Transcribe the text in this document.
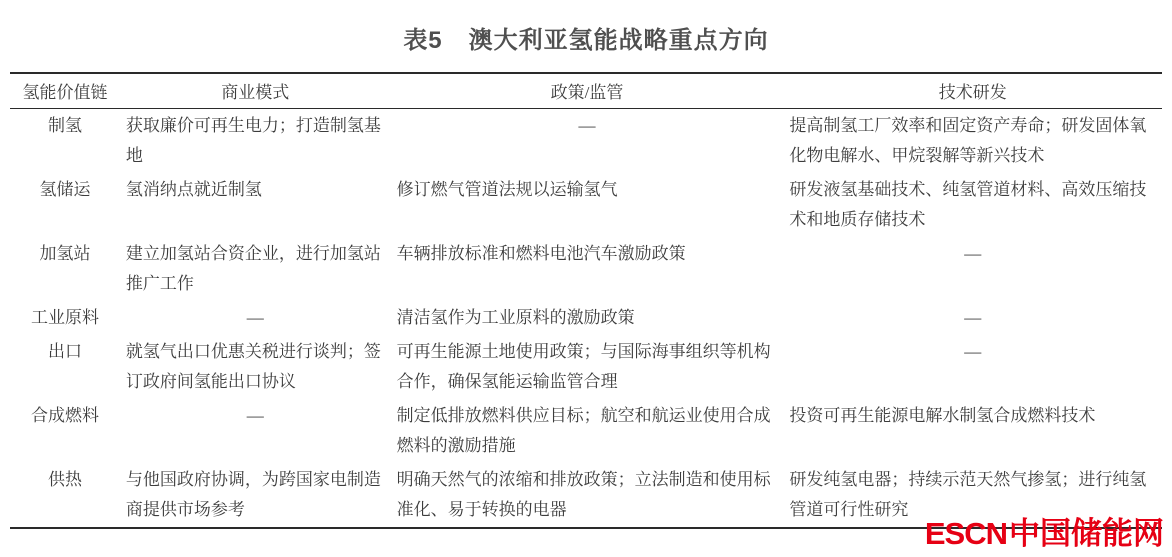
表5 澳大利亚氢能战略重点方向
氢能价值链	商业模式	政策/监管	技术研发
制氢	获取廉价可再生电力；打造制氢基地	—	提高制氢工厂效率和固定资产寿命；研发固体氧化物电解水、甲烷裂解等新兴技术
氢储运	氢消纳点就近制氢	修订燃气管道法规以运输氢气	研发液氢基础技术、纯氢管道材料、高效压缩技术和地质存储技术
加氢站	建立加氢站合资企业，进行加氢站推广工作	车辆排放标准和燃料电池汽车激励政策	—
工业原料	—	清洁氢作为工业原料的激励政策	—
出口	就氢气出口优惠关税进行谈判；签订政府间氢能出口协议	可再生能源土地使用政策；与国际海事组织等机构合作，确保氢能运输监管合理	—
合成燃料	—	制定低排放燃料供应目标；航空和航运业使用合成燃料的激励措施	投资可再生能源电解水制氢合成燃料技术
供热	与他国政府协调，为跨国家电制造商提供市场参考	明确天然气的浓缩和排放政策；立法制造和使用标准化、易于转换的电器	研发纯氢电器；持续示范天然气掺氢；进行纯氢管道可行性研究
ESCN中国储能网
